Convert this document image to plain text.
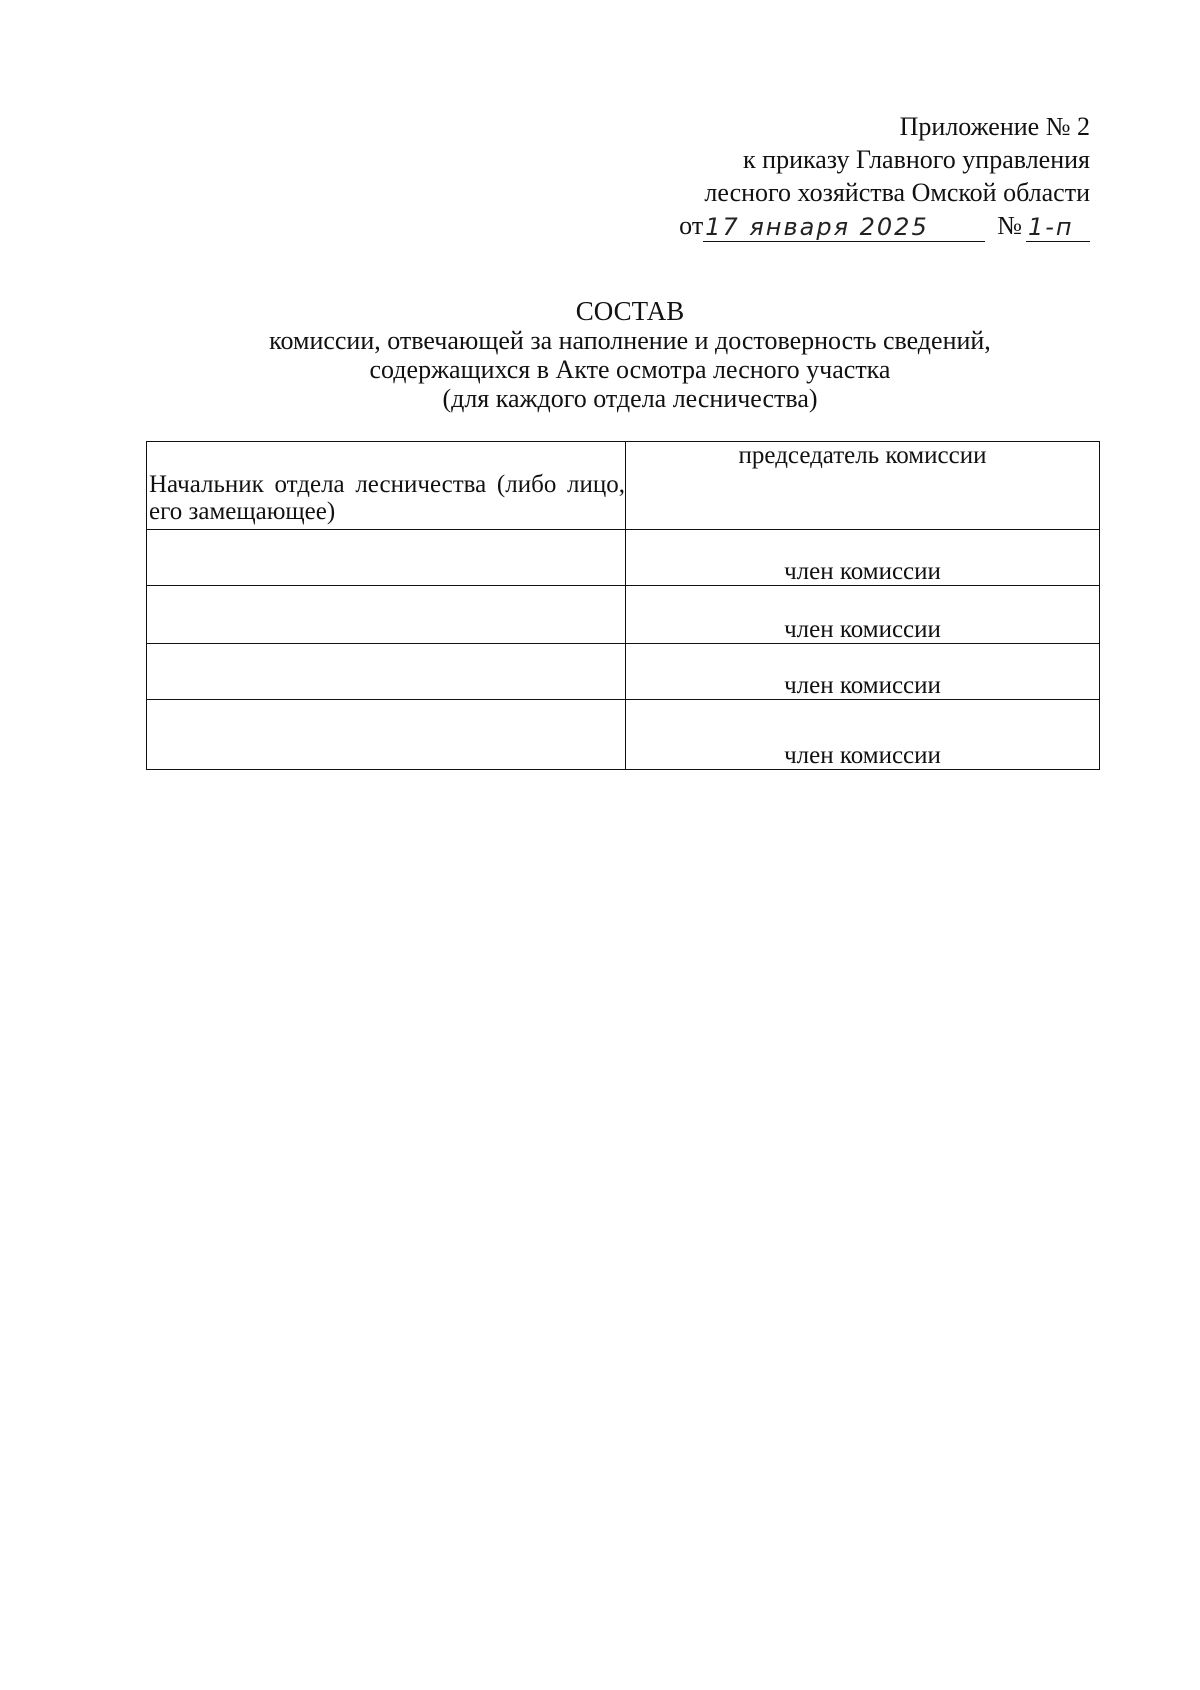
Приложение № 2
к приказу Главного управления
лесного хозяйства Омской области
от 17 января 2025	№ 1-п
СОСТАВ
комиссии, отвечающей за наполнение и достоверность сведений,
содержащихся в Акте осмотра лесного участка
(для каждого отдела лесничества)
Начальник отдела лесничества (либо лицо, его замещающее)	председатель комиссии
	член комиссии
	член комиссии
	член комиссии
	член комиссии
